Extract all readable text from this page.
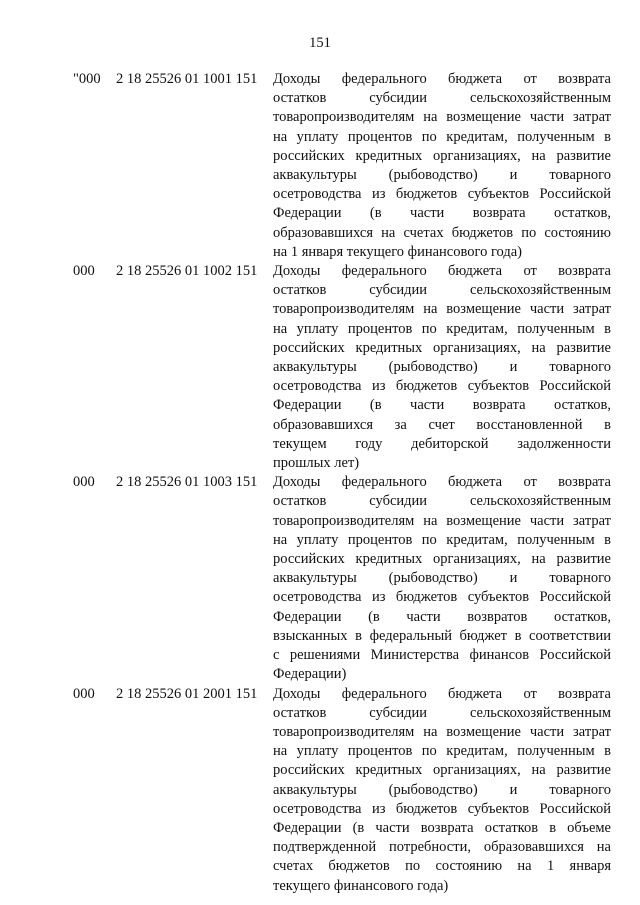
151
"000	2 18 25526 01 1001 151	Доходы федерального бюджета от возврата
остатков субсидии сельскохозяйственным
товаропроизводителям на возмещение части затрат
на уплату процентов по кредитам, полученным в
российских кредитных организациях, на развитие
аквакультуры (рыбоводство) и товарного
осетроводства из бюджетов субъектов Российской
Федерации (в части возврата остатков,
образовавшихся на счетах бюджетов по состоянию
на 1 января текущего финансового года)
000	2 18 25526 01 1002 151	Доходы федерального бюджета от возврата
остатков субсидии сельскохозяйственным
товаропроизводителям на возмещение части затрат
на уплату процентов по кредитам, полученным в
российских кредитных организациях, на развитие
аквакультуры (рыбоводство) и товарного
осетроводства из бюджетов субъектов Российской
Федерации (в части возврата остатков,
образовавшихся за счет восстановленной в
текущем году дебиторской задолженности
прошлых лет)
000	2 18 25526 01 1003 151	Доходы федерального бюджета от возврата
остатков субсидии сельскохозяйственным
товаропроизводителям на возмещение части затрат
на уплату процентов по кредитам, полученным в
российских кредитных организациях, на развитие
аквакультуры (рыбоводство) и товарного
осетроводства из бюджетов субъектов Российской
Федерации (в части возвратов остатков,
взысканных в федеральный бюджет в соответствии
с решениями Министерства финансов Российской
Федерации)
000	2 18 25526 01 2001 151	Доходы федерального бюджета от возврата
остатков субсидии сельскохозяйственным
товаропроизводителям на возмещение части затрат
на уплату процентов по кредитам, полученным в
российских кредитных организациях, на развитие
аквакультуры (рыбоводство) и товарного
осетроводства из бюджетов субъектов Российской
Федерации (в части возврата остатков в объеме
подтвержденной потребности, образовавшихся на
счетах бюджетов по состоянию на 1 января
текущего финансового года)
